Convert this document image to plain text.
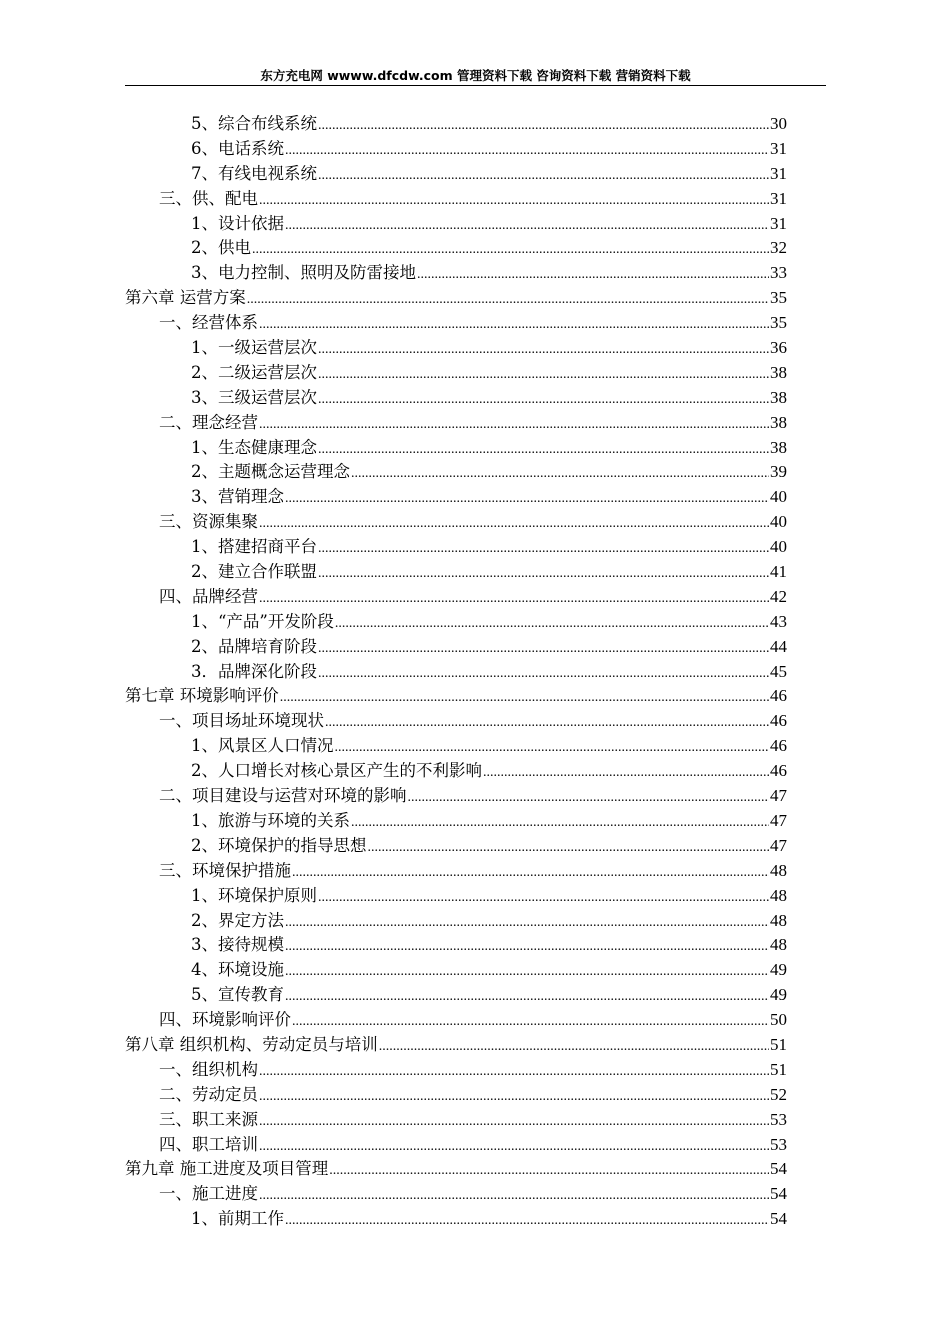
东方充电网 wwww.dfcdw.com 管理资料下载 咨询资料下载 营销资料下载
5、综合布线系统 .....	30
6、电话系统 .....	31
7、有线电视系统 .....	31
三、供、配电 .....	31
1、设计依据 .....	31
2、供电 .....	32
3、电力控制、照明及防雷接地 .....	33
第六章 运营方案 .....	35
一、经营体系 .....	35
1、一级运营层次 .....	36
2、二级运营层次 .....	38
3、三级运营层次 .....	38
二、理念经营 .....	38
1、生态健康理念 .....	38
2、主题概念运营理念 .....	39
3、营销理念 .....	40
三、资源集聚 .....	40
1、搭建招商平台 .....	40
2、建立合作联盟 .....	41
四、品牌经营 .....	42
1、“产品”开发阶段 .....	43
2、品牌培育阶段 .....	44
3．品牌深化阶段 .....	45
第七章 环境影响评价 .....	46
一、项目场址环境现状 .....	46
1、风景区人口情况 .....	46
2、人口增长对核心景区产生的不利影响 .....	46
二、项目建设与运营对环境的影响 .....	47
1、旅游与环境的关系 .....	47
2、环境保护的指导思想 .....	47
三、环境保护措施 .....	48
1、环境保护原则 .....	48
2、界定方法 .....	48
3、接待规模 .....	48
4、环境设施 .....	49
5、宣传教育 .....	49
四、环境影响评价 .....	50
第八章 组织机构、劳动定员与培训 .....	51
一、组织机构 .....	51
二、劳动定员 .....	52
三、职工来源 .....	53
四、职工培训 .....	53
第九章 施工进度及项目管理 .....	54
一、施工进度 .....	54
1、前期工作 .....	54
